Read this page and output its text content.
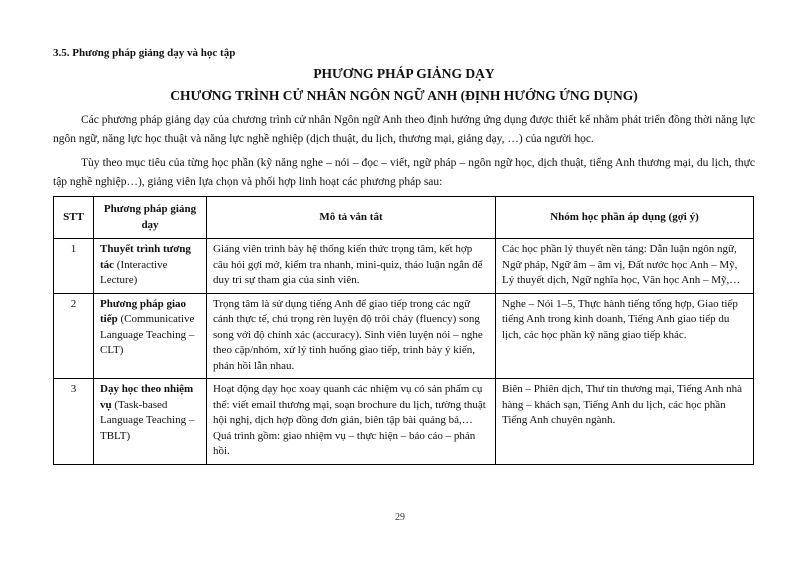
3.5. Phương pháp giảng dạy và học tập
PHƯƠNG PHÁP GIẢNG DẠY
CHƯƠNG TRÌNH CỬ NHÂN NGÔN NGỮ ANH (ĐỊNH HƯỚNG ỨNG DỤNG)

Các phương pháp giảng dạy của chương trình cử nhân Ngôn ngữ Anh theo định hướng ứng dụng được thiết kế nhằm phát triển đồng thời năng lực ngôn ngữ, năng lực học thuật và năng lực nghề nghiệp (dịch thuật, du lịch, thương mại, giảng dạy, …) của người học.

Tùy theo mục tiêu của từng học phần (kỹ năng nghe – nói – đọc – viết, ngữ pháp – ngôn ngữ học, dịch thuật, tiếng Anh thương mại, du lịch, thực tập nghề nghiệp…), giảng viên lựa chọn và phối hợp linh hoạt các phương pháp sau:

STT	Phương pháp giảng dạy	Mô tả vắn tắt	Nhóm học phần áp dụng (gợi ý)
1	Thuyết trình tương tác (Interactive Lecture)	Giảng viên trình bày hệ thống kiến thức trọng tâm, kết hợp câu hỏi gợi mở, kiểm tra nhanh, mini-quiz, thảo luận ngắn để duy trì sự tham gia của sinh viên.	Các học phần lý thuyết nền tảng: Dẫn luận ngôn ngữ, Ngữ pháp, Ngữ âm – âm vị, Đất nước học Anh – Mỹ, Lý thuyết dịch, Ngữ nghĩa học, Văn học Anh – Mỹ,…
2	Phương pháp giao tiếp (Communicative Language Teaching – CLT)	Trọng tâm là sử dụng tiếng Anh để giao tiếp trong các ngữ cảnh thực tế, chú trọng rèn luyện độ trôi chảy (fluency) song song với độ chính xác (accuracy). Sinh viên luyện nói – nghe theo cặp/nhóm, xử lý tình huống giao tiếp, trình bày ý kiến, phản hồi lẫn nhau.	Nghe – Nói 1–5, Thực hành tiếng tổng hợp, Giao tiếp tiếng Anh trong kinh doanh, Tiếng Anh giao tiếp du lịch, các học phần kỹ năng giao tiếp khác.
3	Dạy học theo nhiệm vụ (Task-based Language Teaching – TBLT)	Hoạt động dạy học xoay quanh các nhiệm vụ có sản phẩm cụ thể: viết email thương mại, soạn brochure du lịch, tường thuật hội nghị, dịch hợp đồng đơn giản, biên tập bài quảng bá,… Quá trình gồm: giao nhiệm vụ – thực hiện – báo cáo – phản hồi.	Biên – Phiên dịch, Thư tín thương mại, Tiếng Anh nhà hàng – khách sạn, Tiếng Anh du lịch, các học phần Tiếng Anh chuyên ngành.
29
